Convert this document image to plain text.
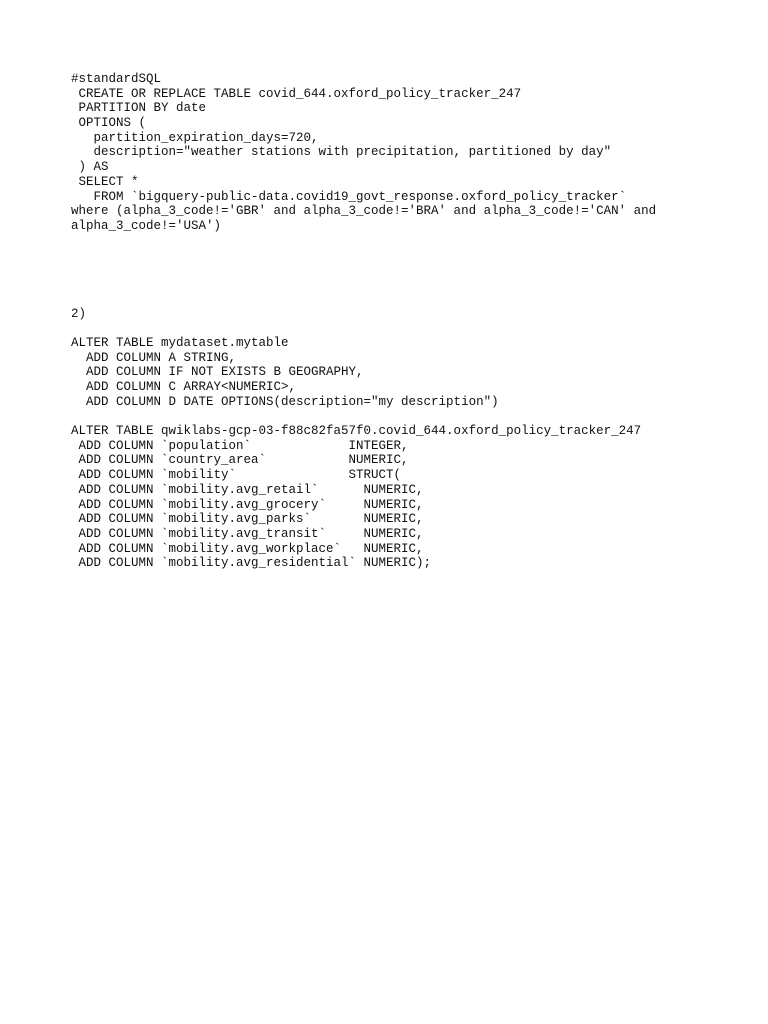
#standardSQL
CREATE OR REPLACE TABLE covid_644.oxford_policy_tracker_247
PARTITION BY date
OPTIONS (
partition_expiration_days=720,
description="weather stations with precipitation, partitioned by day"
) AS
SELECT *
FROM `bigquery-public-data.covid19_govt_response.oxford_policy_tracker`
where (alpha_3_code!='GBR' and alpha_3_code!='BRA' and alpha_3_code!='CAN' and
alpha_3_code!='USA')
2)
ALTER TABLE mydataset.mytable
ADD COLUMN A STRING,
ADD COLUMN IF NOT EXISTS B GEOGRAPHY,
ADD COLUMN C ARRAY<NUMERIC>,
ADD COLUMN D DATE OPTIONS(description="my description")
ALTER TABLE qwiklabs-gcp-03-f88c82fa57f0.covid_644.oxford_policy_tracker_247
ADD COLUMN `population`             INTEGER,
ADD COLUMN `country_area`           NUMERIC,
ADD COLUMN `mobility`               STRUCT(
ADD COLUMN `mobility.avg_retail`      NUMERIC,
ADD COLUMN `mobility.avg_grocery`     NUMERIC,
ADD COLUMN `mobility.avg_parks`       NUMERIC,
ADD COLUMN `mobility.avg_transit`     NUMERIC,
ADD COLUMN `mobility.avg_workplace`   NUMERIC,
ADD COLUMN `mobility.avg_residential` NUMERIC);
